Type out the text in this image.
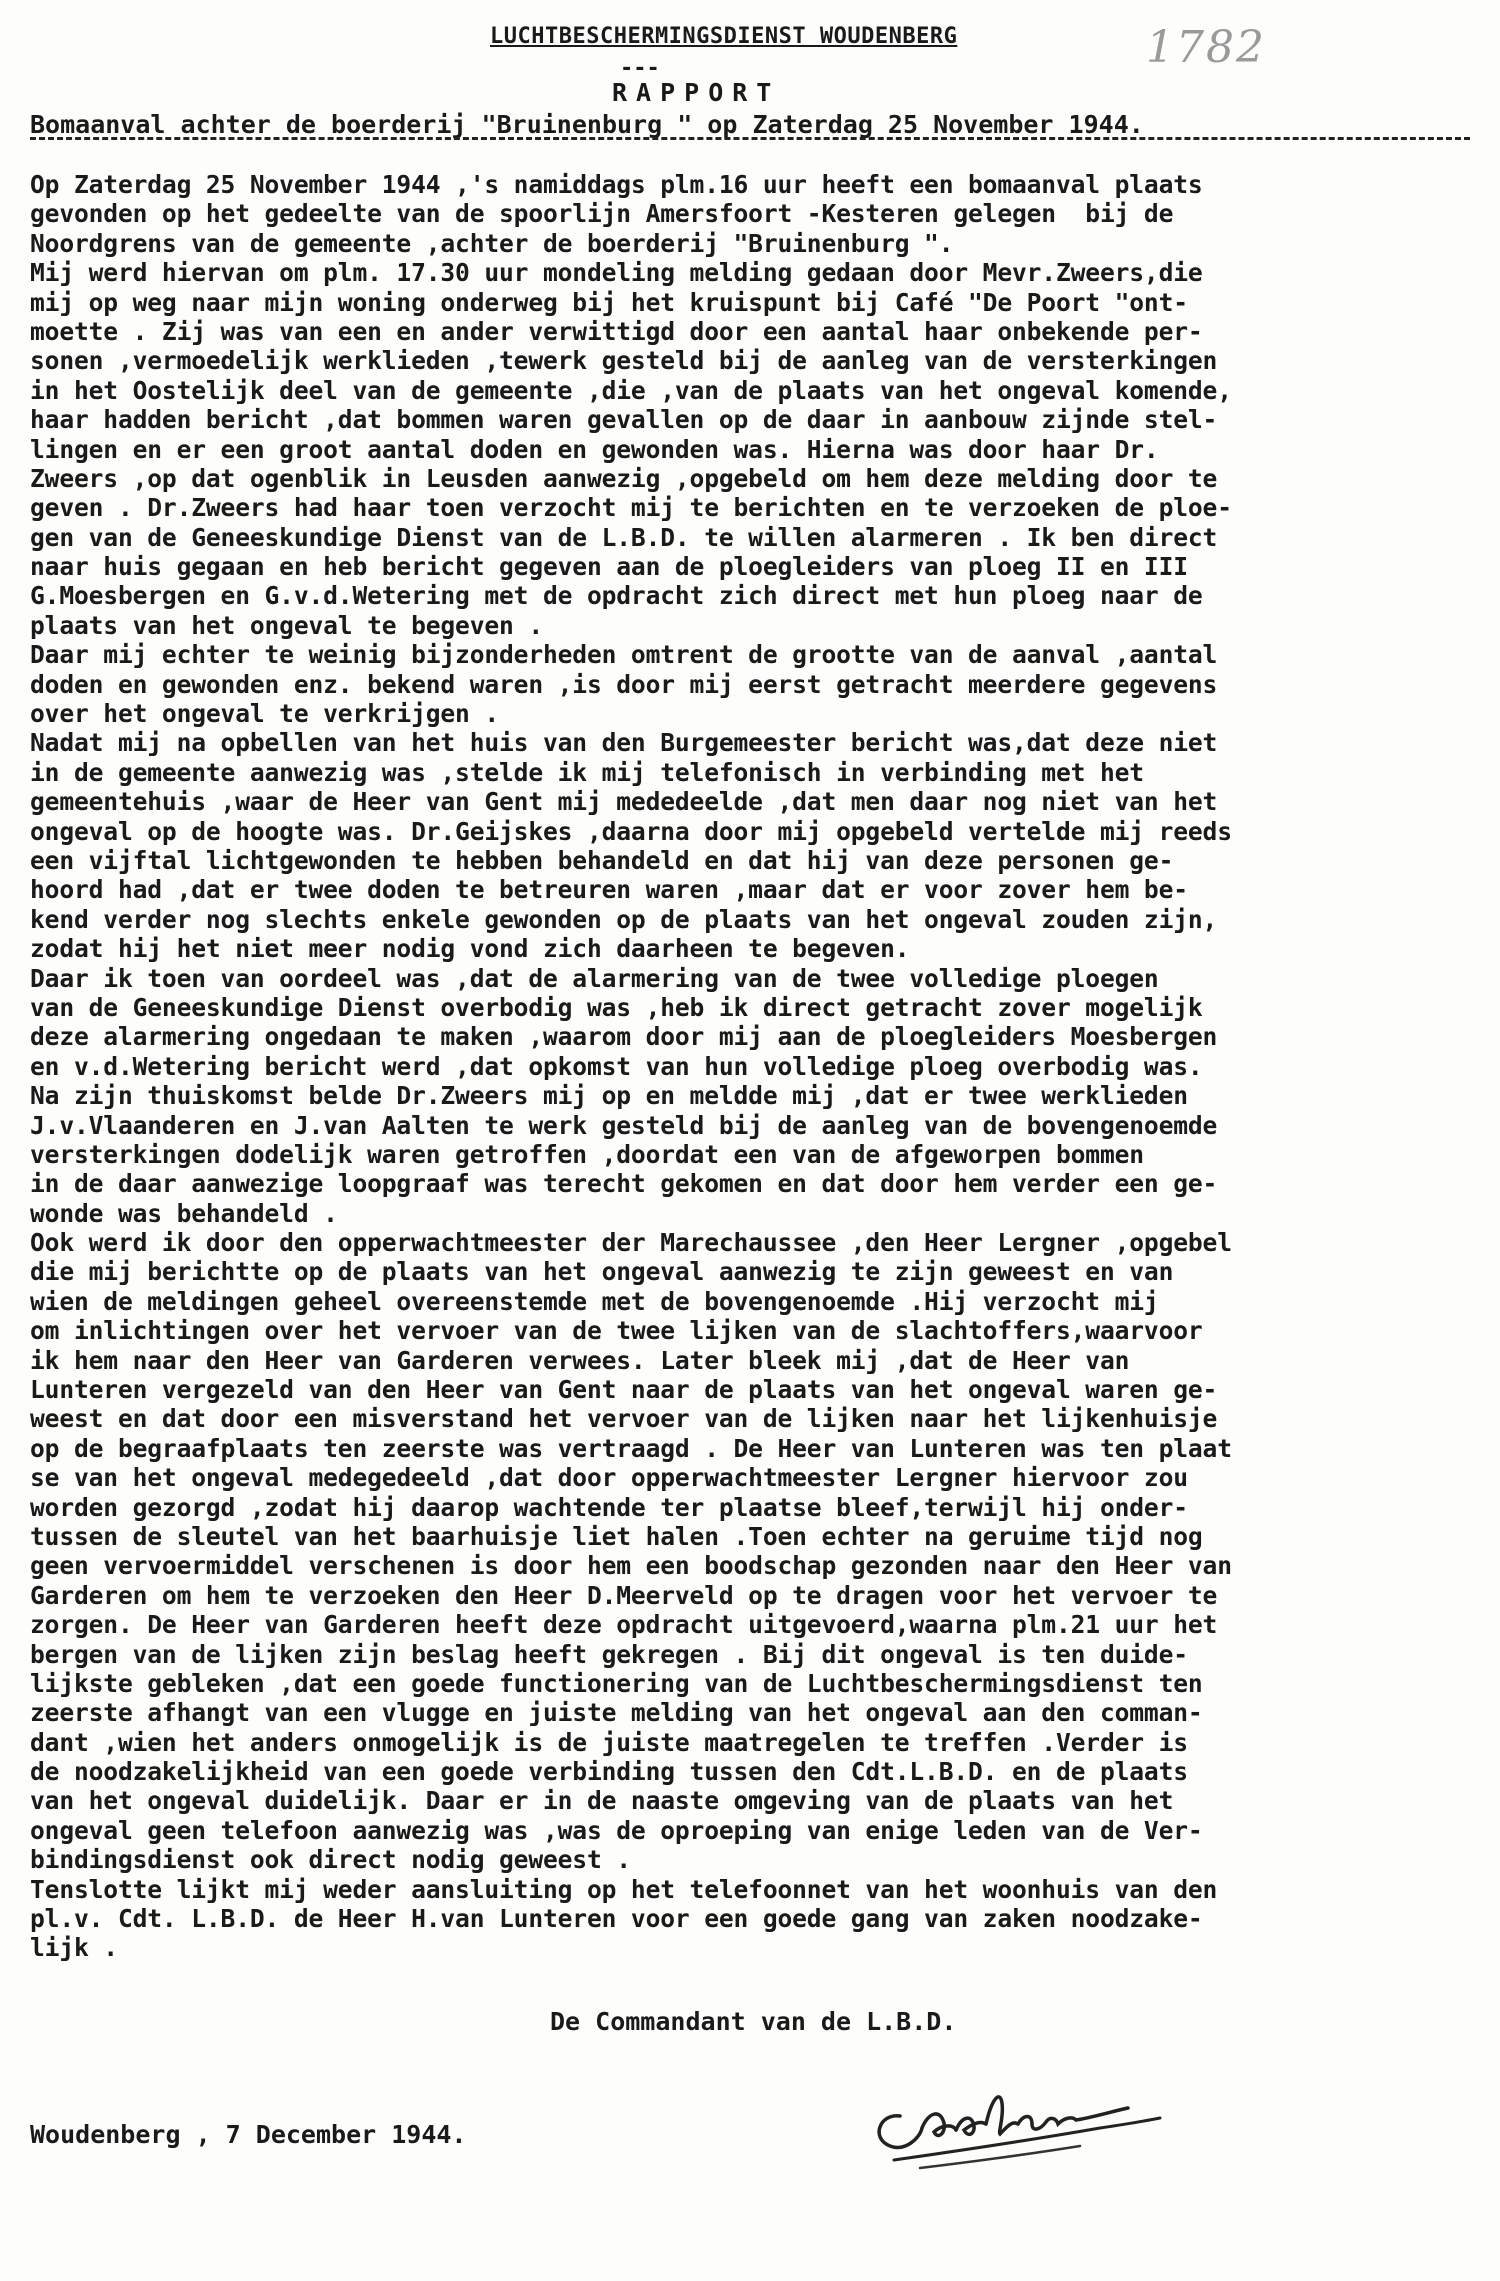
1782
LUCHTBESCHERMINGSDIENST WOUDENBERG
---
RAPPORT
Bomaanval achter de boerderij "Bruinenburg " op Zaterdag 25 November 1944.
Op Zaterdag 25 November 1944 ,'s namiddags plm.16 uur heeft een bomaanval plaats
gevonden op het gedeelte van de spoorlijn Amersfoort -Kesteren gelegen  bij de
Noordgrens van de gemeente ,achter de boerderij "Bruinenburg ".
Mij werd hiervan om plm. 17.30 uur mondeling melding gedaan door Mevr.Zweers,die
mij op weg naar mijn woning onderweg bij het kruispunt bij Café "De Poort "ont-
moette . Zij was van een en ander verwittigd door een aantal haar onbekende per-
sonen ,vermoedelijk werklieden ,tewerk gesteld bij de aanleg van de versterkingen
in het Oostelijk deel van de gemeente ,die ,van de plaats van het ongeval komende,
haar hadden bericht ,dat bommen waren gevallen op de daar in aanbouw zijnde stel-
lingen en er een groot aantal doden en gewonden was. Hierna was door haar Dr.
Zweers ,op dat ogenblik in Leusden aanwezig ,opgebeld om hem deze melding door te
geven . Dr.Zweers had haar toen verzocht mij te berichten en te verzoeken de ploe-
gen van de Geneeskundige Dienst van de L.B.D. te willen alarmeren . Ik ben direct
naar huis gegaan en heb bericht gegeven aan de ploegleiders van ploeg II en III
G.Moesbergen en G.v.d.Wetering met de opdracht zich direct met hun ploeg naar de
plaats van het ongeval te begeven .
Daar mij echter te weinig bijzonderheden omtrent de grootte van de aanval ,aantal
doden en gewonden enz. bekend waren ,is door mij eerst getracht meerdere gegevens
over het ongeval te verkrijgen .
Nadat mij na opbellen van het huis van den Burgemeester bericht was,dat deze niet
in de gemeente aanwezig was ,stelde ik mij telefonisch in verbinding met het
gemeentehuis ,waar de Heer van Gent mij mededeelde ,dat men daar nog niet van het
ongeval op de hoogte was. Dr.Geijskes ,daarna door mij opgebeld vertelde mij reeds
een vijftal lichtgewonden te hebben behandeld en dat hij van deze personen ge-
hoord had ,dat er twee doden te betreuren waren ,maar dat er voor zover hem be-
kend verder nog slechts enkele gewonden op de plaats van het ongeval zouden zijn,
zodat hij het niet meer nodig vond zich daarheen te begeven.
Daar ik toen van oordeel was ,dat de alarmering van de twee volledige ploegen
van de Geneeskundige Dienst overbodig was ,heb ik direct getracht zover mogelijk
deze alarmering ongedaan te maken ,waarom door mij aan de ploegleiders Moesbergen
en v.d.Wetering bericht werd ,dat opkomst van hun volledige ploeg overbodig was.
Na zijn thuiskomst belde Dr.Zweers mij op en meldde mij ,dat er twee werklieden
J.v.Vlaanderen en J.van Aalten te werk gesteld bij de aanleg van de bovengenoemde
versterkingen dodelijk waren getroffen ,doordat een van de afgeworpen bommen
in de daar aanwezige loopgraaf was terecht gekomen en dat door hem verder een ge-
wonde was behandeld .
Ook werd ik door den opperwachtmeester der Marechaussee ,den Heer Lergner ,opgebel
die mij berichtte op de plaats van het ongeval aanwezig te zijn geweest en van
wien de meldingen geheel overeenstemde met de bovengenoemde .Hij verzocht mij
om inlichtingen over het vervoer van de twee lijken van de slachtoffers,waarvoor
ik hem naar den Heer van Garderen verwees. Later bleek mij ,dat de Heer van
Lunteren vergezeld van den Heer van Gent naar de plaats van het ongeval waren ge-
weest en dat door een misverstand het vervoer van de lijken naar het lijkenhuisje
op de begraafplaats ten zeerste was vertraagd . De Heer van Lunteren was ten plaat
se van het ongeval medegedeeld ,dat door opperwachtmeester Lergner hiervoor zou
worden gezorgd ,zodat hij daarop wachtende ter plaatse bleef,terwijl hij onder-
tussen de sleutel van het baarhuisje liet halen .Toen echter na geruime tijd nog
geen vervoermiddel verschenen is door hem een boodschap gezonden naar den Heer van
Garderen om hem te verzoeken den Heer D.Meerveld op te dragen voor het vervoer te
zorgen. De Heer van Garderen heeft deze opdracht uitgevoerd,waarna plm.21 uur het
bergen van de lijken zijn beslag heeft gekregen . Bij dit ongeval is ten duide-
lijkste gebleken ,dat een goede functionering van de Luchtbeschermingsdienst ten
zeerste afhangt van een vlugge en juiste melding van het ongeval aan den comman-
dant ,wien het anders onmogelijk is de juiste maatregelen te treffen .Verder is
de noodzakelijkheid van een goede verbinding tussen den Cdt.L.B.D. en de plaats
van het ongeval duidelijk. Daar er in de naaste omgeving van de plaats van het
ongeval geen telefoon aanwezig was ,was de oproeping van enige leden van de Ver-
bindingsdienst ook direct nodig geweest .
Tenslotte lijkt mij weder aansluiting op het telefoonnet van het woonhuis van den
pl.v. Cdt. L.B.D. de Heer H.van Lunteren voor een goede gang van zaken noodzake-
lijk .
De Commandant van de L.B.D.
Woudenberg , 7 December 1944.
